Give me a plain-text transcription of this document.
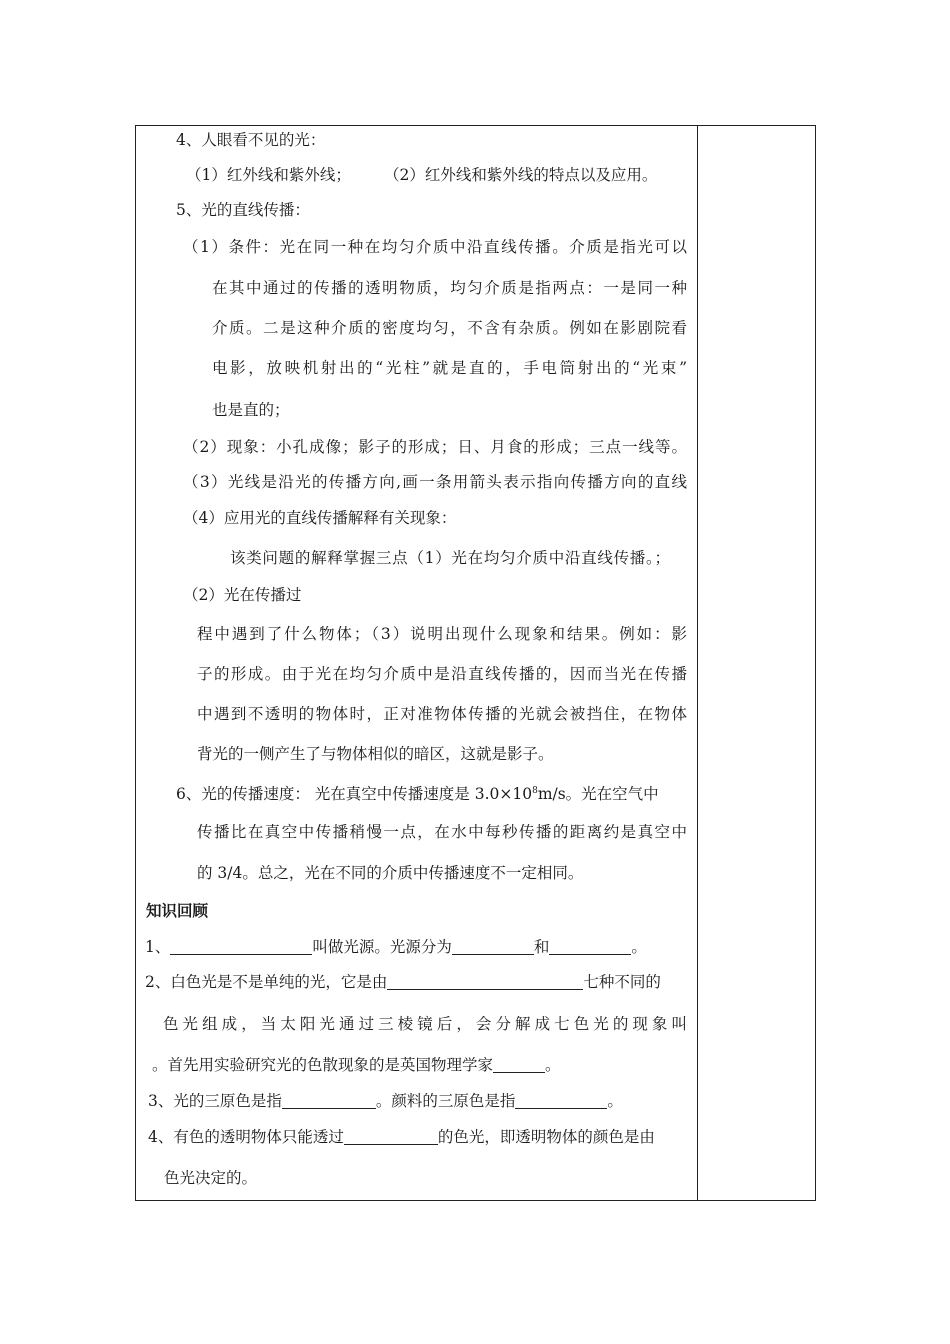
4、人眼看不见的光：
（1）红外线和紫外线； （2）红外线和紫外线的特点以及应用。
5、光的直线传播：
（1）条件：光在同一种在均匀介质中沿直线传播。介质是指光可以
在其中通过的传播的透明物质，均匀介质是指两点：一是同一种
介质。二是这种介质的密度均匀，不含有杂质。例如在影剧院看
电影，放映机射出的“光柱”就是直的，手电筒射出的“光束”
也是直的；
（2）现象：小孔成像；影子的形成；日、月食的形成；三点一线等。
（3）光线是沿光的传播方向,画一条用箭头表示指向传播方向的直线
（4）应用光的直线传播解释有关现象：
该类问题的解释掌握三点（1）光在均匀介质中沿直线传播。；
（2）光在传播过
程中遇到了什么物体；（3）说明出现什么现象和结果。例如：影
子的形成。由于光在均匀介质中是沿直线传播的，因而当光在传播
中遇到不透明的物体时，正对准物体传播的光就会被挡住，在物体
背光的一侧产生了与物体相似的暗区，这就是影子。
6、光的传播速度： 光在真空中传播速度是 $3.0\times 10^8m/s$。光在空气中
传播比在真空中传播稍慢一点，在水中每秒传播的距离约是真空中
的 3/4。总之，光在不同的介质中传播速度不一定相同。
知识回顾
1、	叫做光源。光源分为	和	。
2、白色光是不是单纯的光，它是由	七种不同的
色光组成，当太阳光通过三棱镜后，会分解成七色光的现象叫
。首先用实验研究光的色散现象的是英国物理学家	。
3、光的三原色是指	。颜料的三原色是指	。
4、有色的透明物体只能透过	的色光，即透明物体的颜色是由
色光决定的。
